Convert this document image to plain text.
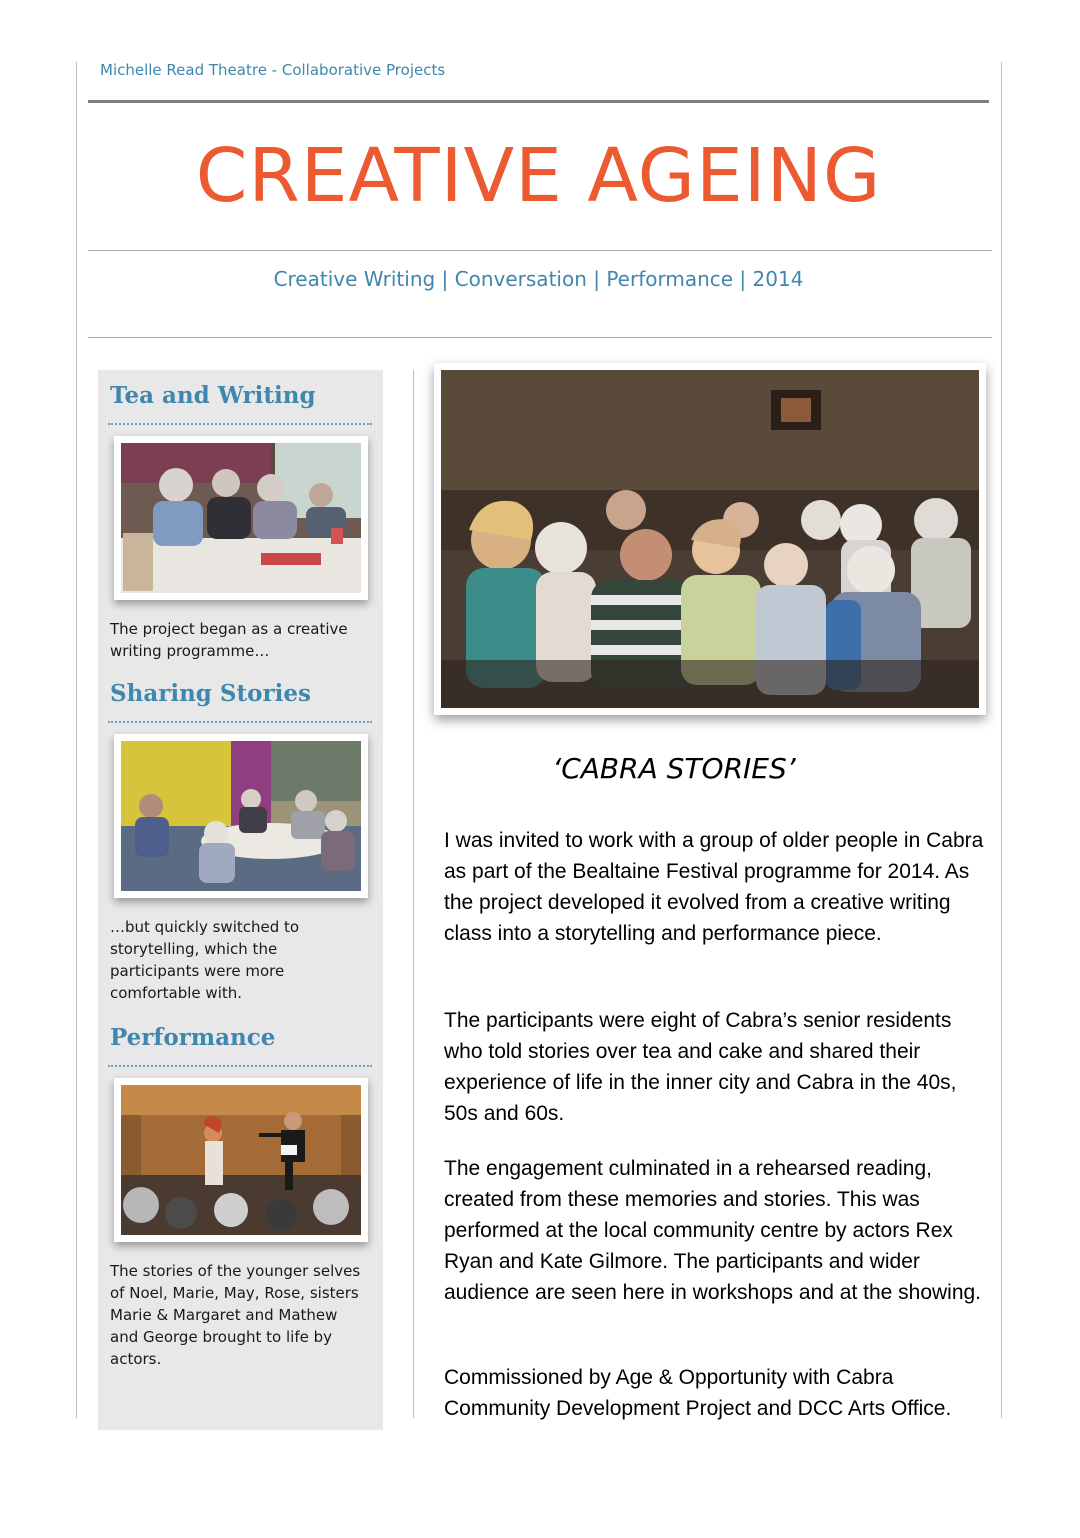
Michelle Read Theatre - Collaborative Projects
CREATIVE AGEING
Creative Writing | Conversation | Performance | 2014
Tea and Writing
The project began as a creative writing programme…
Sharing Stories
…but quickly switched to storytelling, which the participants were more comfortable with.
Performance
The stories of the younger selves of Noel, Marie, May, Rose, sisters Marie & Margaret and Mathew and George brought to life by actors.
‘CABRA STORIES’

I was invited to work with a group of older people in Cabra as part of the Bealtaine Festival programme for 2014. As the project developed it evolved from a creative writing class into a storytelling and performance piece.

The participants were eight of Cabra’s senior residents who told stories over tea and cake and shared their experience of life in the inner city and Cabra in the 40s, 50s and 60s.

The engagement culminated in a rehearsed reading, created from these memories and stories. This was performed at the local community centre by actors Rex Ryan and Kate Gilmore. The participants and wider audience are seen here in workshops and at the showing.

Commissioned by Age & Opportunity with Cabra Community Development Project and DCC Arts Office.
